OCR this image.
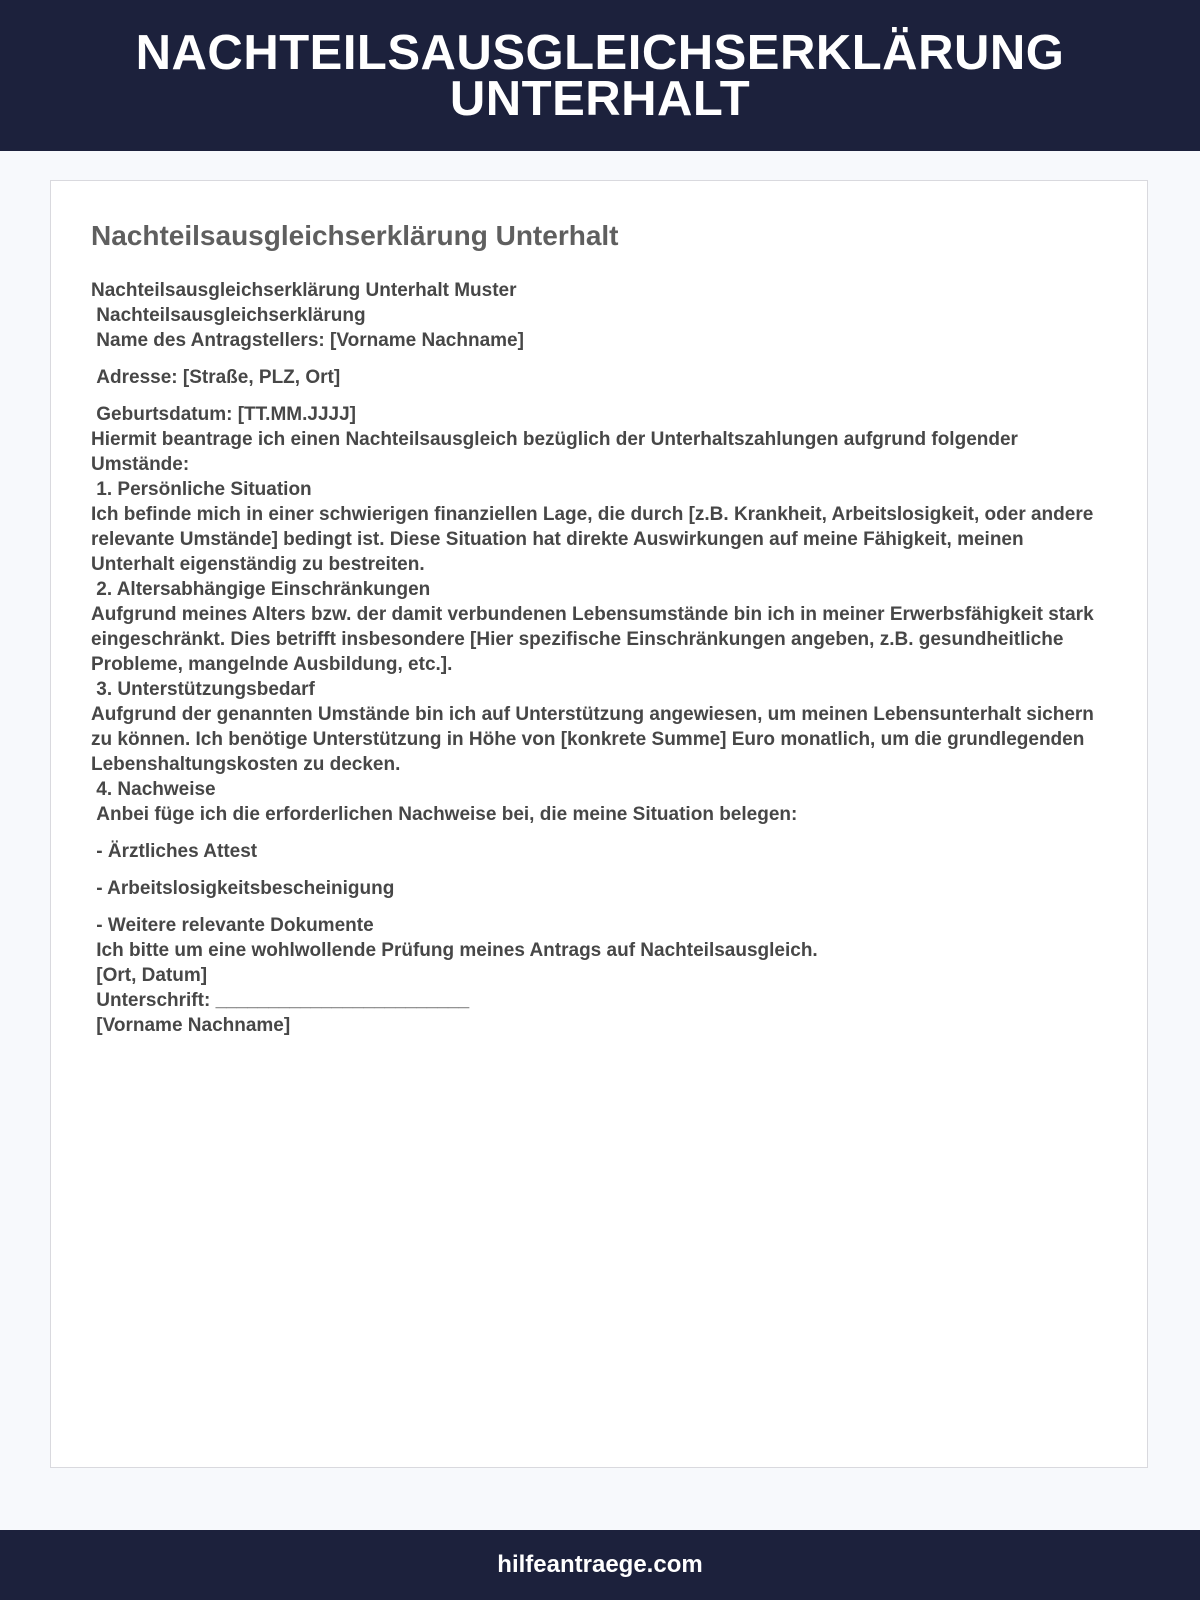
NACHTEILSAUSGLEICHSERKLÄRUNG UNTERHALT
Nachteilsausgleichserklärung Unterhalt
Nachteilsausgleichserklärung Unterhalt Muster
Nachteilsausgleichserklärung
Name des Antragstellers: [Vorname Nachname]
Adresse: [Straße, PLZ, Ort]
Geburtsdatum: [TT.MM.JJJJ]
Hiermit beantrage ich einen Nachteilsausgleich bezüglich der Unterhaltszahlungen aufgrund folgender Umstände:
1. Persönliche Situation
Ich befinde mich in einer schwierigen finanziellen Lage, die durch [z.B. Krankheit, Arbeitslosigkeit, oder andere relevante Umstände] bedingt ist. Diese Situation hat direkte Auswirkungen auf meine Fähigkeit, meinen Unterhalt eigenständig zu bestreiten.
2. Altersabhängige Einschränkungen
Aufgrund meines Alters bzw. der damit verbundenen Lebensumstände bin ich in meiner Erwerbsfähigkeit stark eingeschränkt. Dies betrifft insbesondere [Hier spezifische Einschränkungen angeben, z.B. gesundheitliche Probleme, mangelnde Ausbildung, etc.].
3. Unterstützungsbedarf
Aufgrund der genannten Umstände bin ich auf Unterstützung angewiesen, um meinen Lebensunterhalt sichern zu können. Ich benötige Unterstützung in Höhe von [konkrete Summe] Euro monatlich, um die grundlegenden Lebenshaltungskosten zu decken.
4. Nachweise
Anbei füge ich die erforderlichen Nachweise bei, die meine Situation belegen:
- Ärztliches Attest
- Arbeitslosigkeitsbescheinigung
- Weitere relevante Dokumente
Ich bitte um eine wohlwollende Prüfung meines Antrags auf Nachteilsausgleich.
[Ort, Datum]
Unterschrift: ________________________
[Vorname Nachname]
hilfeantraege.com
